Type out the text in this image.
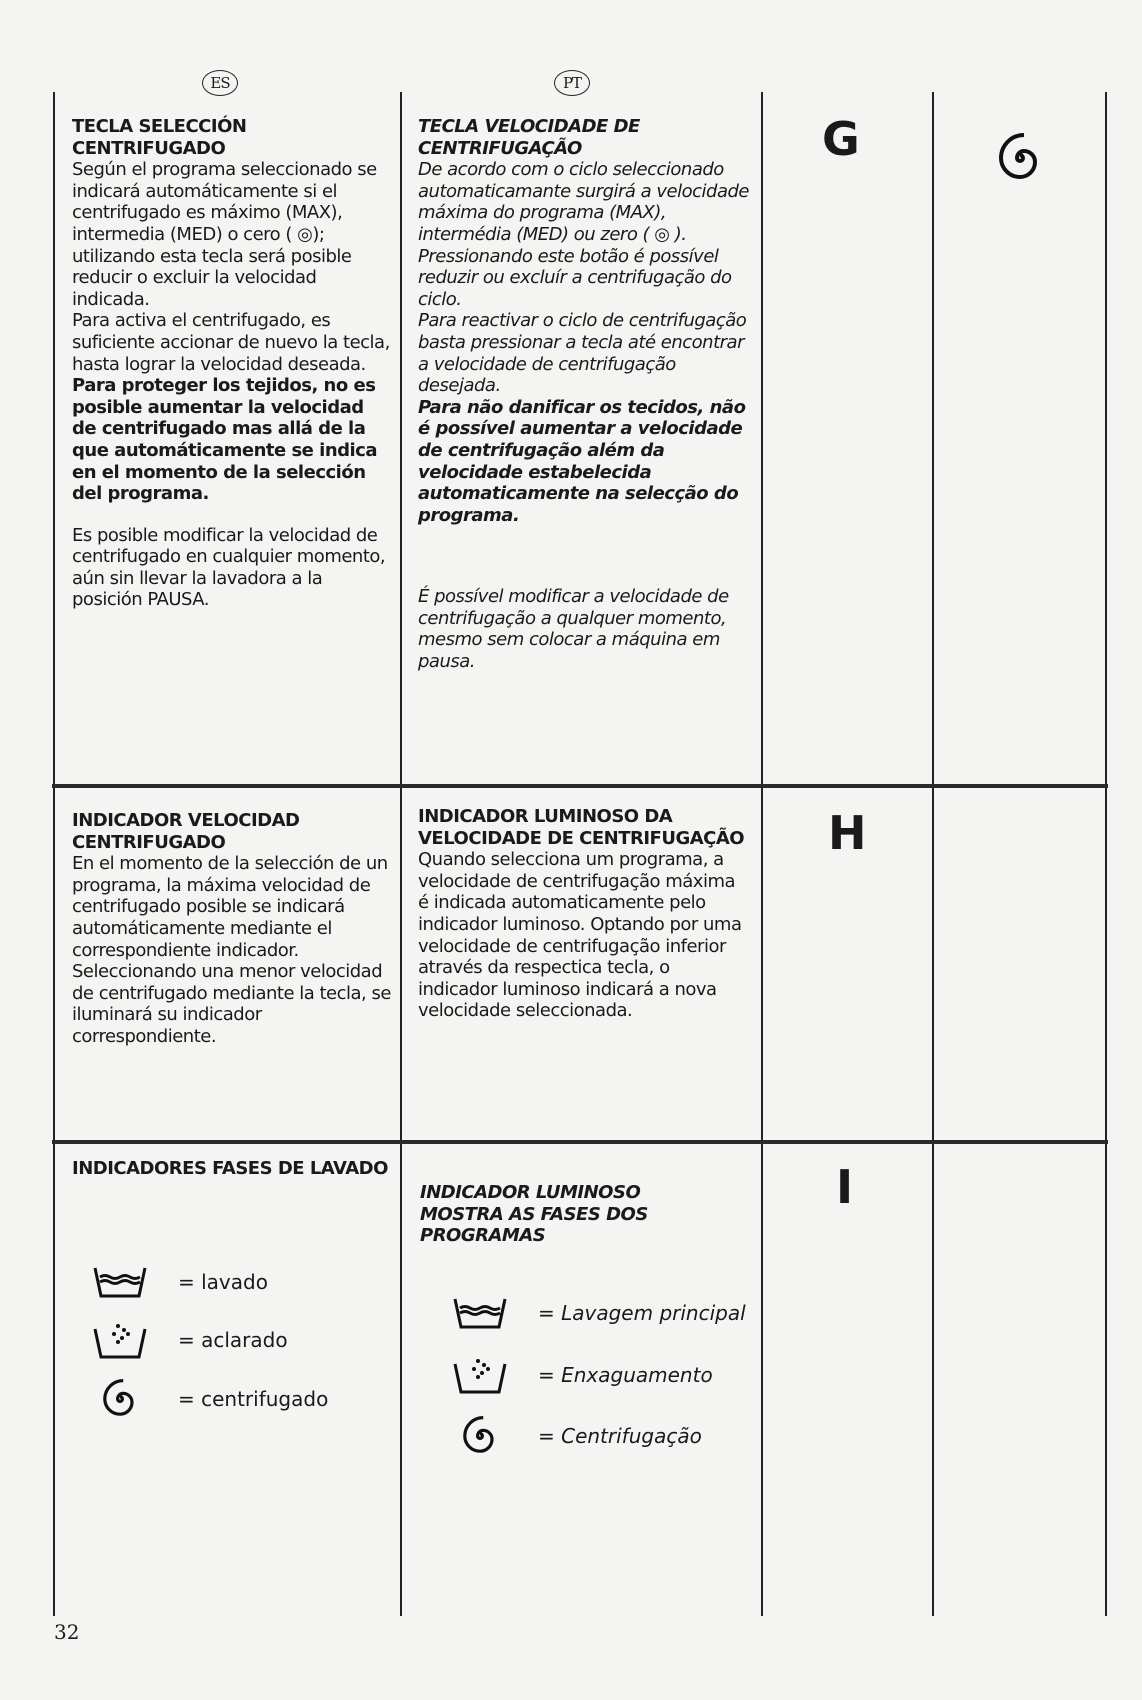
ES	PT
TECLA SELECCIÓN CENTRIFUGADO

Según el programa seleccionado se indicará automáticamente si el centrifugado es máximo (MAX), intermedia (MED) o cero ( ◎); utilizando esta tecla será posible reducir o excluir la velocidad indicada.

Para activa el centrifugado, es suficiente accionar de nuevo la tecla, hasta lograr la velocidad deseada.

Para proteger los tejidos, no es posible aumentar la velocidad de centrifugado mas allá de la que automáticamente se indica en el momento de la selección del programa.

Es posible modificar la velocidad de centrifugado en cualquier momento, aún sin llevar la lavadora a la posición PAUSA.

TECLA VELOCIDADE DE CENTRIFUGAÇÃO

De acordo com o ciclo seleccionado automaticamante surgirá a velocidade máxima do programa (MAX), intermédia (MED) ou zero ( ◎ ).

Pressionando este botão é possível reduzir ou excluír a centrifugação do ciclo.

Para reactivar o ciclo de centrifugação basta pressionar a tecla até encontrar a velocidade de centrifugação desejada.

Para não danificar os tecidos, não é possível aumentar a velocidade de centrifugação além da velocidade estabelecida automaticamente na selecção do programa.

É possível modificar a velocidade de centrifugação a qualquer momento, mesmo sem colocar a máquina em pausa.

G
INDICADOR VELOCIDAD CENTRIFUGADO

En el momento de la selección de un programa, la máxima velocidad de centrifugado posible se indicará automáticamente mediante el correspondiente indicador. Seleccionando una menor velocidad de centrifugado mediante la tecla, se iluminará su indicador correspondiente.

INDICADOR LUMINOSO DA VELOCIDADE DE CENTRIFUGAÇÃO

Quando selecciona um programa, a velocidade de centrifugação máxima é indicada automaticamente pelo indicador luminoso. Optando por uma velocidade de centrifugação inferior através da respectica tecla, o indicador luminoso indicará a nova velocidade seleccionada.

H
INDICADORES FASES DE LAVADO
INDICADOR LUMINOSO MOSTRA AS FASES DOS PROGRAMAS
I
= lavado
= aclarado
= centrifugado
= Lavagem principal
= Enxaguamento
= Centrifugação
32
